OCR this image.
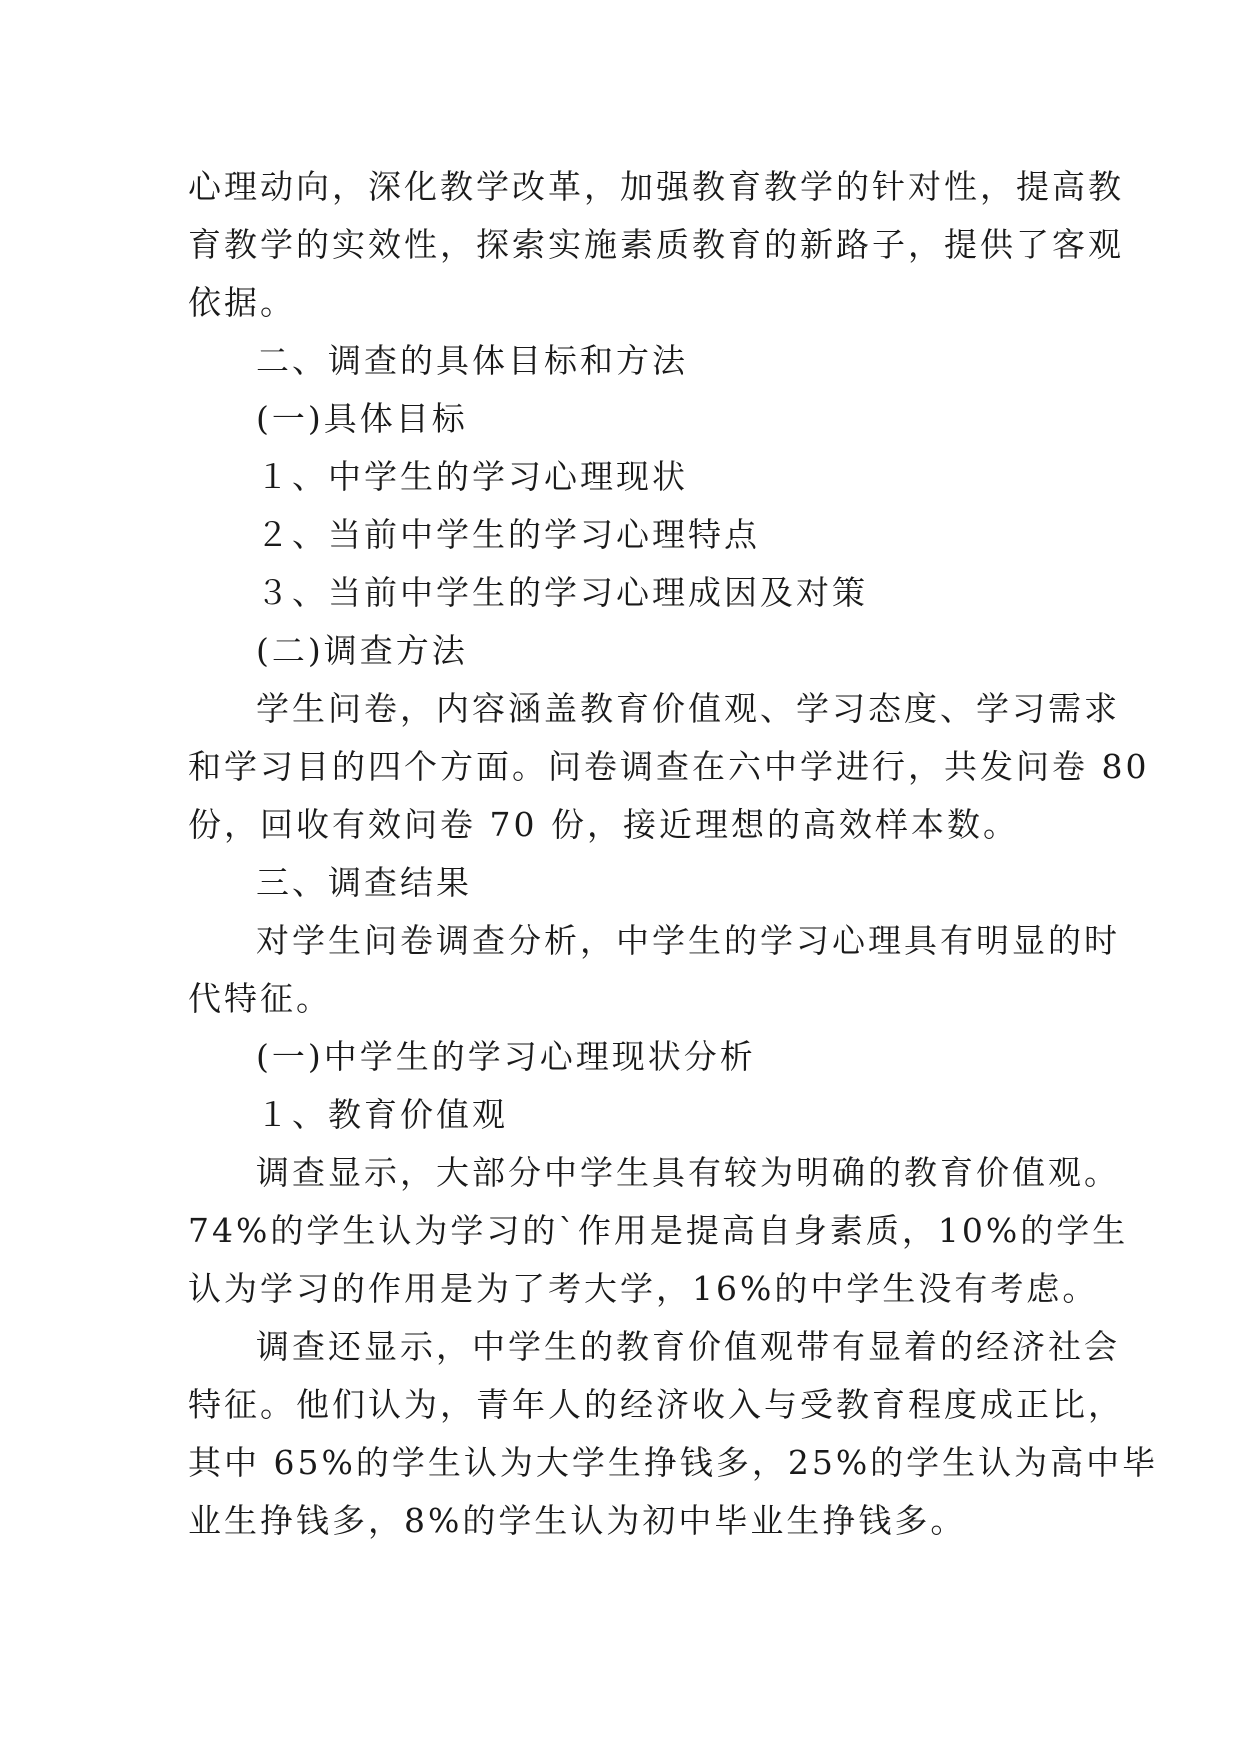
心理动向，深化教学改革，加强教育教学的针对性，提高教
育教学的实效性，探索实施素质教育的新路子，提供了客观
依据。
二、调查的具体目标和方法
(一)具体目标
１、中学生的学习心理现状
２、当前中学生的学习心理特点
３、当前中学生的学习心理成因及对策
(二)调查方法
学生问卷，内容涵盖教育价值观、学习态度、学习需求
和学习目的四个方面。问卷调查在六中学进行，共发问卷 80
份，回收有效问卷 70 份，接近理想的高效样本数。
三、调查结果
对学生问卷调查分析，中学生的学习心理具有明显的时
代特征。
(一)中学生的学习心理现状分析
１、教育价值观
调查显示，大部分中学生具有较为明确的教育价值观。
74%的学生认为学习的`作用是提高自身素质，10%的学生
认为学习的作用是为了考大学，16%的中学生没有考虑。
调查还显示，中学生的教育价值观带有显着的经济社会
特征。他们认为，青年人的经济收入与受教育程度成正比，
其中 65%的学生认为大学生挣钱多，25%的学生认为高中毕
业生挣钱多，8%的学生认为初中毕业生挣钱多。
